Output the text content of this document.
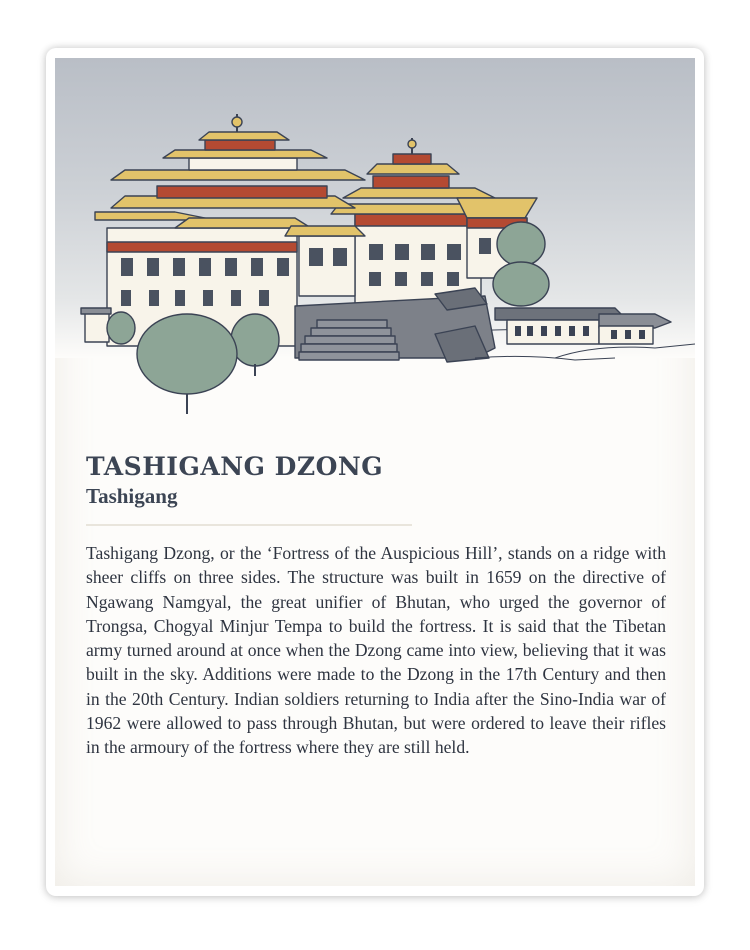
TASHIGANG DZONG
Tashigang

Tashigang Dzong, or the ‘Fortress of the Auspicious Hill’, stands on a ridge with sheer cliffs on three sides. The structure was built in 1659 on the directive of Ngawang Namgyal, the great unifier of Bhutan, who urged the governor of Trongsa, Chogyal Minjur Tempa to build the fortress. It is said that the Tibetan army turned around at once when the Dzong came into view, believing that it was built in the sky. Additions were made to the Dzong in the 17th Century and then in the 20th Century. Indian soldiers returning to India after the Sino-India war of 1962 were allowed to pass through Bhutan, but were ordered to leave their rifles in the armoury of the fortress where they are still held.
